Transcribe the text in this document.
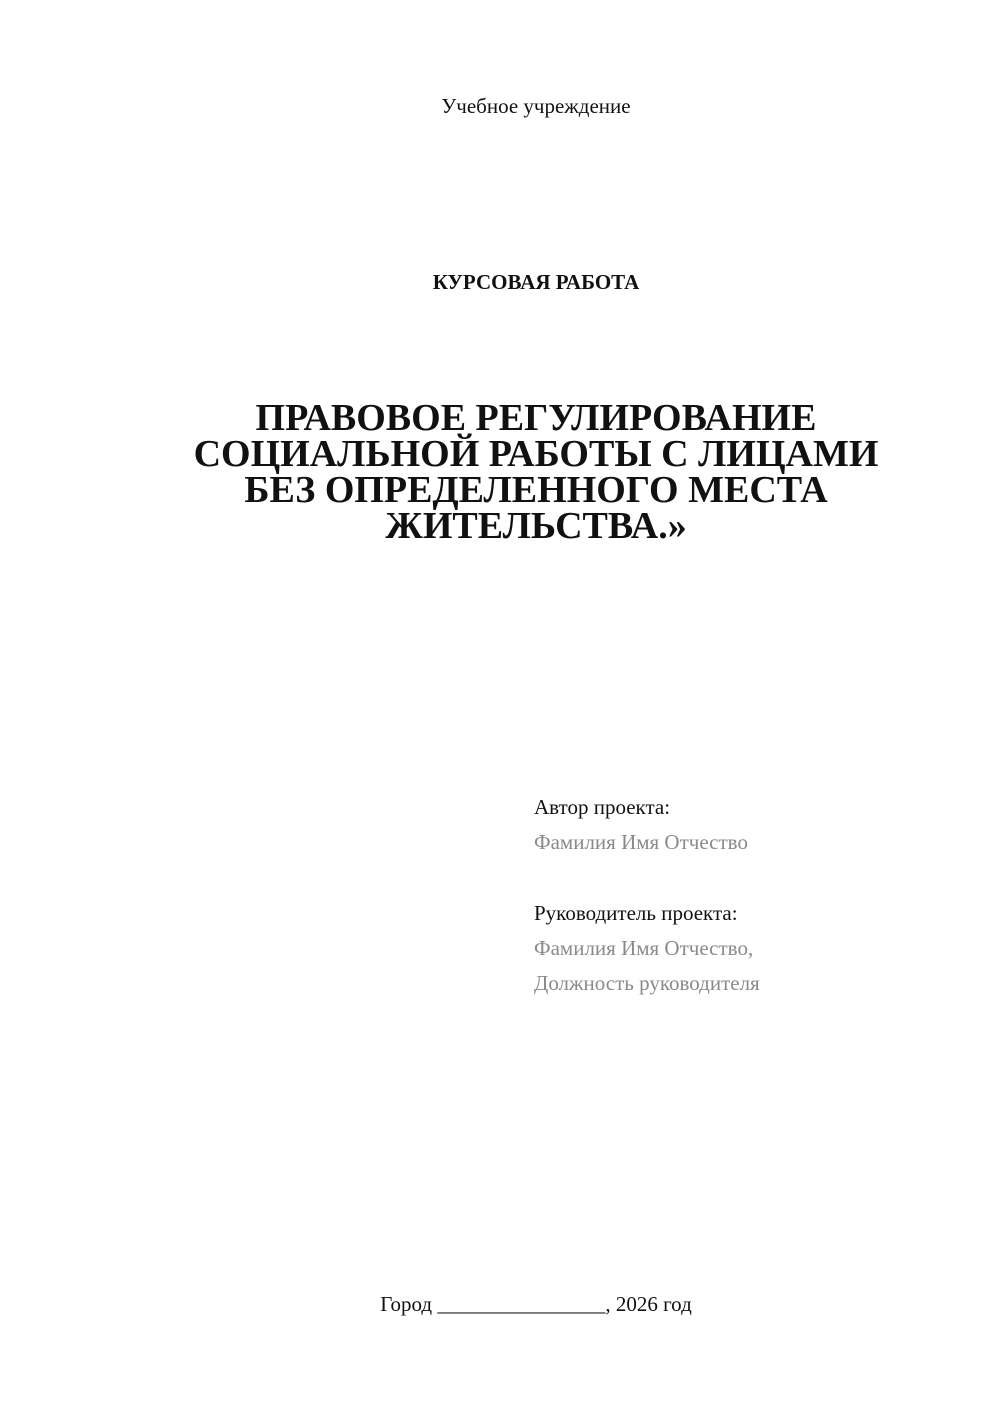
Учебное учреждение
КУРСОВАЯ РАБОТА
ПРАВОВОЕ РЕГУЛИРОВАНИЕ
СОЦИАЛЬНОЙ РАБОТЫ С ЛИЦАМИ
БЕЗ ОПРЕДЕЛЕННОГО МЕСТА
ЖИТЕЛЬСТВА.»
Автор проекта:
Фамилия Имя Отчество
Руководитель проекта:
Фамилия Имя Отчество,
Должность руководителя
Город ________________, 2026 год
